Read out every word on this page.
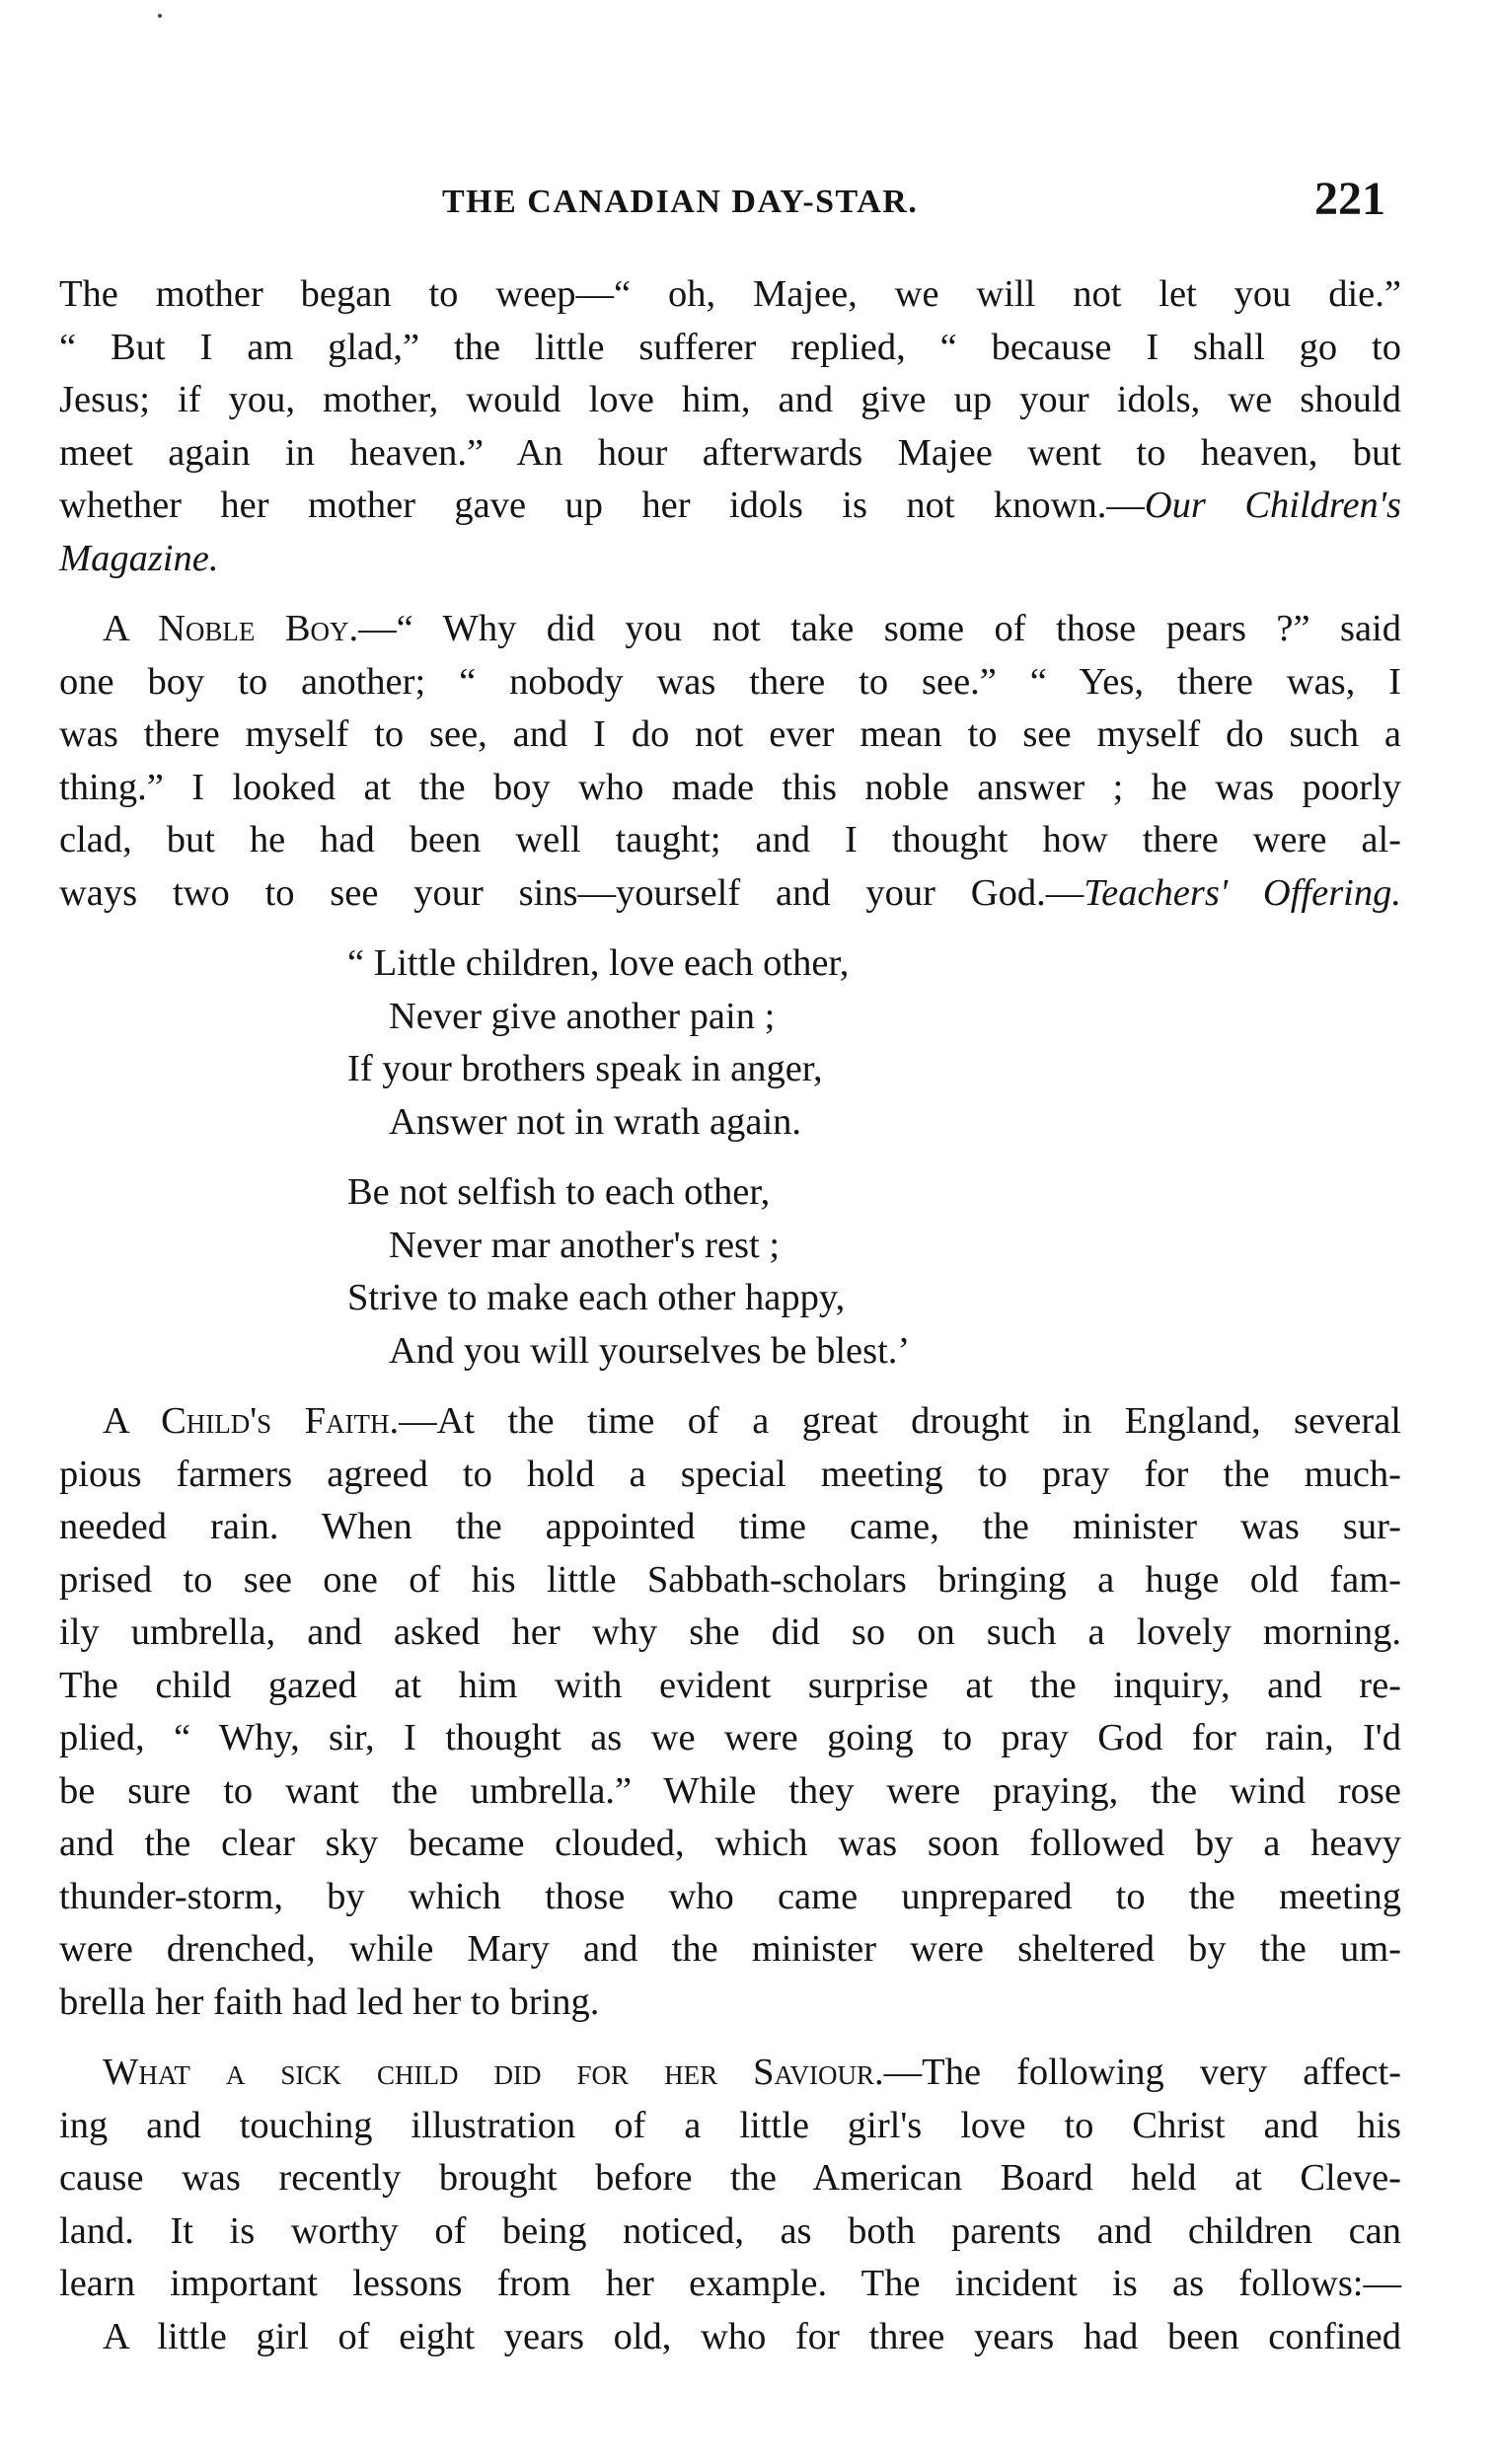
THE CANADIAN DAY-STAR.	221
The mother began to weep—“ oh, Majee, we will not let you die.”
“ But I am glad,” the little sufferer replied, “ because I shall go to
Jesus; if you, mother, would love him, and give up your idols, we should
meet again in heaven.” An hour afterwards Majee went to heaven, but
whether her mother gave up her idols is not known.—Our Children's
Magazine.
A Noble Boy.—“ Why did you not take some of those pears ?” said
one boy to another; “ nobody was there to see.” “ Yes, there was, I
was there myself to see, and I do not ever mean to see myself do such a
thing.” I looked at the boy who made this noble answer ; he was poorly
clad, but he had been well taught; and I thought how there were al-
ways two to see your sins—yourself and your God.—Teachers' Offering.
“ Little children, love each other,
Never give another pain ;
If your brothers speak in anger,
Answer not in wrath again.
Be not selfish to each other,
Never mar another's rest ;
Strive to make each other happy,
And you will yourselves be blest.’
A Child's Faith.—At the time of a great drought in England, several
pious farmers agreed to hold a special meeting to pray for the much-
needed rain. When the appointed time came, the minister was sur-
prised to see one of his little Sabbath-scholars bringing a huge old fam-
ily umbrella, and asked her why she did so on such a lovely morning.
The child gazed at him with evident surprise at the inquiry, and re-
plied, “ Why, sir, I thought as we were going to pray God for rain, I'd
be sure to want the umbrella.” While they were praying, the wind rose
and the clear sky became clouded, which was soon followed by a heavy
thunder-storm, by which those who came unprepared to the meeting
were drenched, while Mary and the minister were sheltered by the um-
brella her faith had led her to bring.
What a sick child did for her Saviour.—The following very affect-
ing and touching illustration of a little girl's love to Christ and his
cause was recently brought before the American Board held at Cleve-
land. It is worthy of being noticed, as both parents and children can
learn important lessons from her example. The incident is as follows:—
A little girl of eight years old, who for three years had been confined
